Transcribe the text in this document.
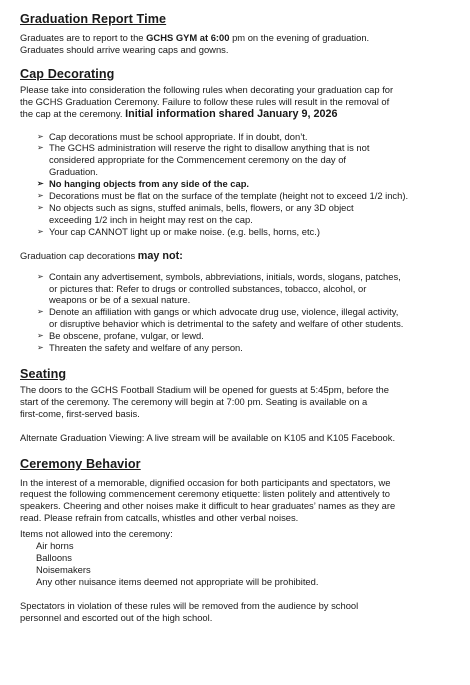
Graduation Report Time

Graduates are to report to the GCHS GYM at 6:00 pm on the evening of graduation.
Graduates should arrive wearing caps and gowns.

Cap Decorating

Please take into consideration the following rules when decorating your graduation cap for
the GCHS Graduation Ceremony. Failure to follow these rules will result in the removal of
the cap at the ceremony. Initial information shared January 9, 2026

➢ Cap decorations must be school appropriate. If in doubt, don’t.
➢ The GCHS administration will reserve the right to disallow anything that is not
considered appropriate for the Commencement ceremony on the day of
Graduation.
➢ No hanging objects from any side of the cap.
➢ Decorations must be flat on the surface of the template (height not to exceed 1/2 inch).
➢ No objects such as signs, stuffed animals, bells, flowers, or any 3D object
exceeding 1/2 inch in height may rest on the cap.
➢ Your cap CANNOT light up or make noise. (e.g. bells, horns, etc.)

Graduation cap decorations may not:

➢ Contain any advertisement, symbols, abbreviations, initials, words, slogans, patches,
or pictures that: Refer to drugs or controlled substances, tobacco, alcohol, or
weapons or be of a sexual nature.
➢ Denote an affiliation with gangs or which advocate drug use, violence, illegal activity,
or disruptive behavior which is detrimental to the safety and welfare of other students.
➢ Be obscene, profane, vulgar, or lewd.
➢ Threaten the safety and welfare of any person.
Seating

The doors to the GCHS Football Stadium will be opened for guests at 5:45pm, before the
start of the ceremony. The ceremony will begin at 7:00 pm. Seating is available on a
first-come, first-served basis.

Alternate Graduation Viewing: A live stream will be available on K105 and K105 Facebook.

Ceremony Behavior

In the interest of a memorable, dignified occasion for both participants and spectators, we
request the following commencement ceremony etiquette: listen politely and attentively to
speakers. Cheering and other noises make it difficult to hear graduates’ names as they are
read. Please refrain from catcalls, whistles and other verbal noises.

Items not allowed into the ceremony:

Air horns
Balloons
Noisemakers
Any other nuisance items deemed not appropriate will be prohibited.

Spectators in violation of these rules will be removed from the audience by school
personnel and escorted out of the high school.
